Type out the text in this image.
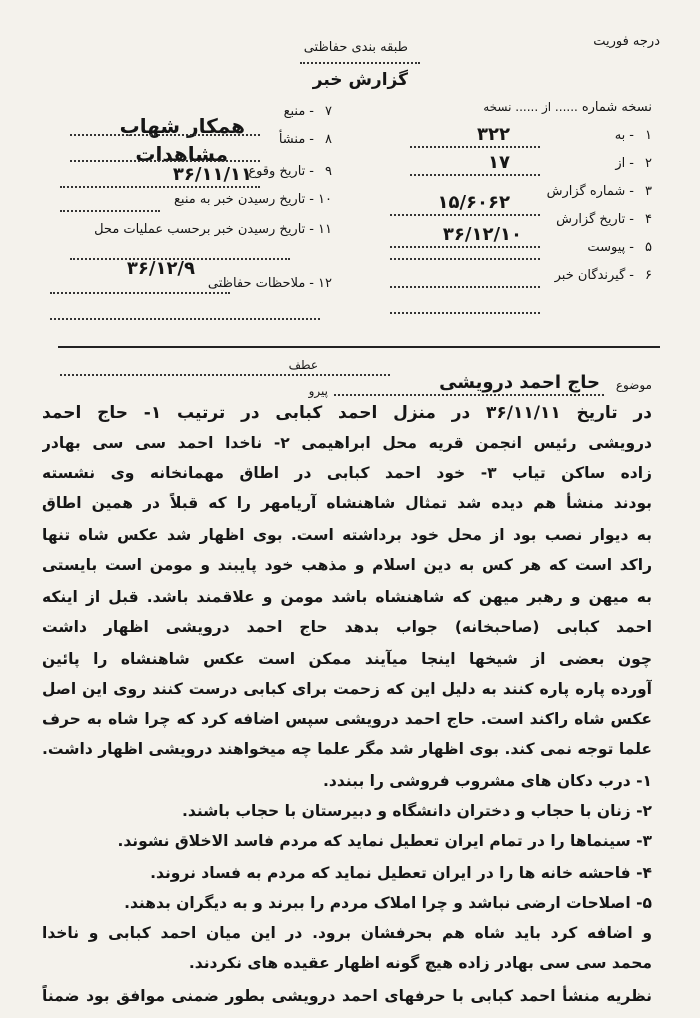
درجه فوریت
طبقه بندی حفاظتی
گزارش خبر
نسخه شماره
...... از ...... نسخه
۱
-
به
۳۲۲
۲
-
از
۱۷
۳
-
شماره گزارش
۱۵/۶۰۶۲
۴
-
تاریخ گزارش
۳۶/۱۲/۱۰
۵
-
پیوست
۶
-
گیرندگان خبر
همکار شهاب
۷
-
منبع
مشاهدات
۸
-
منشأ
۳۶/۱۱/۱۱	۹
-
تاریخ وقوع
۱۰
-
تاریخ رسیدن خبر به منبع
۱۱
-
تاریخ رسیدن خبر برحسب عملیات محل
۳۶/۱۲/۹
۱۲
-
ملاحظات حفاظتی
عطف
پیرو	موضوع
حاج احمد درویشی
در تاریخ ۳۶/۱۱/۱۱ در منزل احمد کبابی در ترتیب ۱- حاج احمد
درویشی رئیس انجمن قریه محل ابراهیمی ۲- ناخدا احمد سی سی بهادر
زاده ساکن تیاب ۳- خود احمد کبابی در اطاق مهمانخانه وی نشسته
بودند منشأ هم دیده شد تمثال شاهنشاه آریامهر را که قبلاً در همین اطاق
به دیوار نصب بود از محل خود برداشته است. بوی اظهار شد عکس شاه تنها
راکد است که هر کس به دین اسلام و مذهب خود پایبند و مومن است بایستی
به میهن و رهبر میهن که شاهنشاه باشد مومن و علاقمند باشد. قبل از اینکه
احمد کبابی (صاحبخانه) جواب بدهد حاج احمد درویشی اظهار داشت
چون بعضی از شیخها اینجا میآیند ممکن است عکس شاهنشاه را پائین
آورده پاره پاره کنند به دلیل این که زحمت برای کبابی درست کنند روی این اصل
عکس شاه راکند است. حاج احمد درویشی سپس اضافه کرد که چرا شاه به حرف
علما توجه نمی کند. بوی اظهار شد مگر علما چه میخواهند درویشی اظهار داشت.
۱- درب دکان های مشروب فروشی را ببندد.
۲- زنان با حجاب و دختران دانشگاه و دبیرستان با حجاب باشند.
۳- سینماها را در تمام ایران تعطیل نماید که مردم فاسد الاخلاق نشوند.
۴- فاحشه خانه ها را در ایران تعطیل نماید که مردم به فساد نروند.
۵- اصلاحات ارضی نباشد و چرا املاک مردم را ببرند و به دیگران بدهند.
و اضافه کرد باید شاه هم بحرفشان برود. در این میان احمد کبابی و ناخدا
محمد سی سی بهادر زاده هیچ گونه اظهار عقیده های نکردند.
نظریه منشأ احمد کبابی با حرفهای احمد درویشی بطور ضمنی موافق بود ضمناً
